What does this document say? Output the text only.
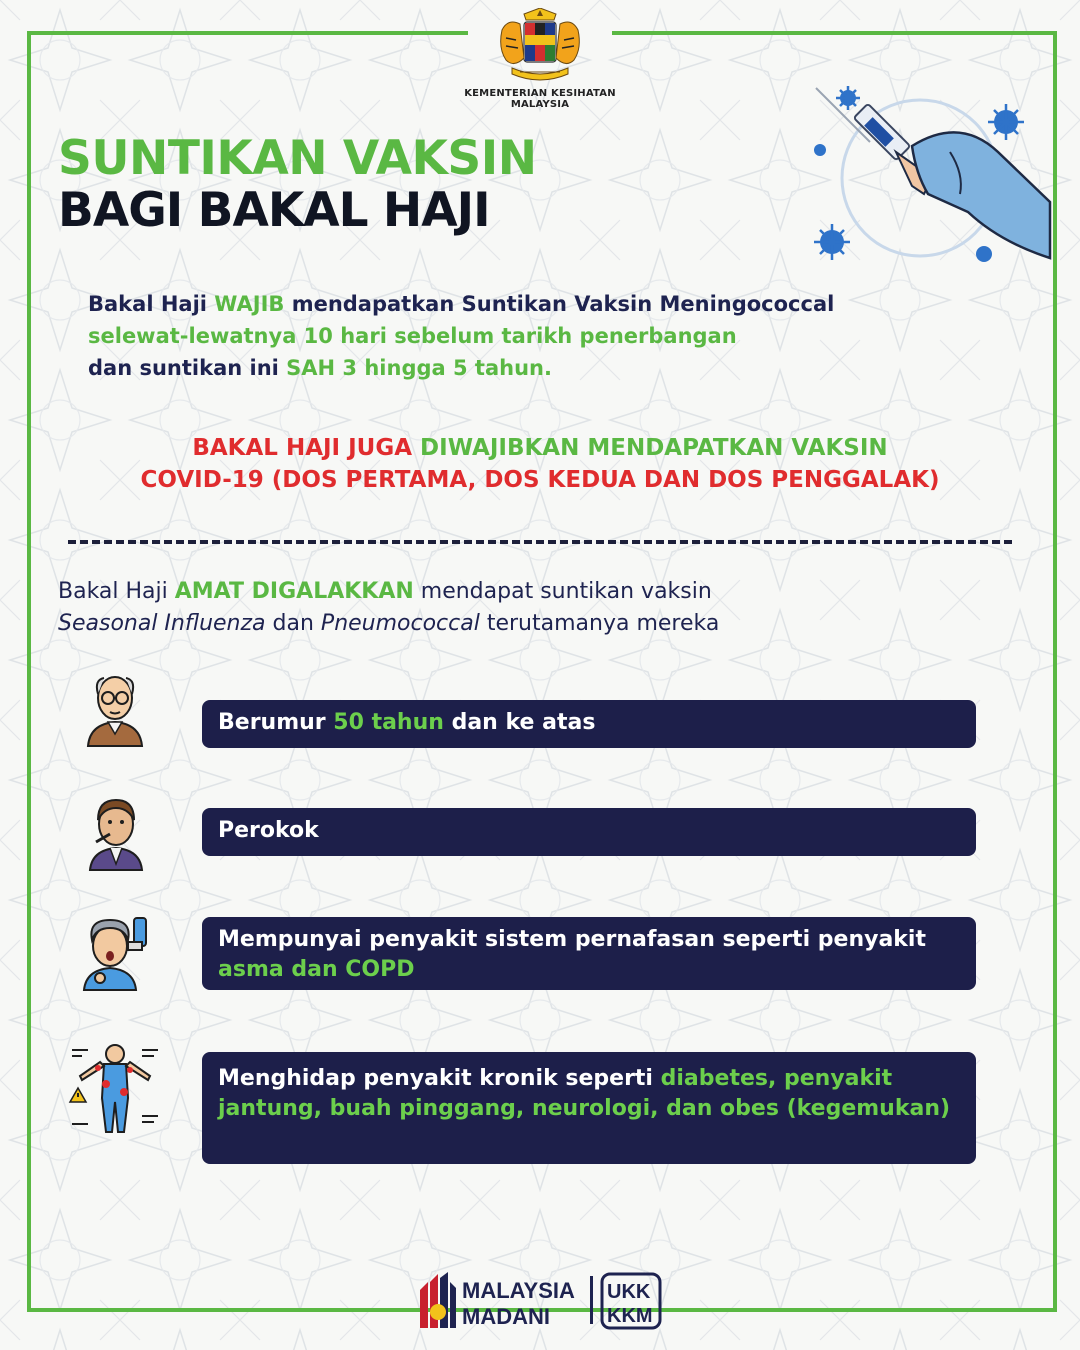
KEMENTERIAN KESIHATAN MALAYSIA
SUNTIKAN VAKSIN
BAGI BAKAL HAJI
Bakal Haji WAJIB mendapatkan Suntikan Vaksin Meningococcal
selewat-lewatnya 10 hari sebelum tarikh penerbangan
dan suntikan ini SAH 3 hingga 5 tahun.
BAKAL HAJI JUGA DIWAJIBKAN MENDAPATKAN VAKSIN
COVID-19 (DOS PERTAMA, DOS KEDUA DAN DOS PENGGALAK)
Bakal Haji AMAT DIGALAKKAN mendapat suntikan vaksin
Seasonal Influenza dan Pneumococcal terutamanya mereka
Berumur 50 tahun dan ke atas
Perokok
Mempunyai penyakit sistem pernafasan seperti penyakit asma dan COPD
Menghidap penyakit kronik seperti diabetes, penyakit jantung, buah pinggang, neurologi, dan obes (kegemukan)
MALAYSIA
MADANI
UKK
KKM
